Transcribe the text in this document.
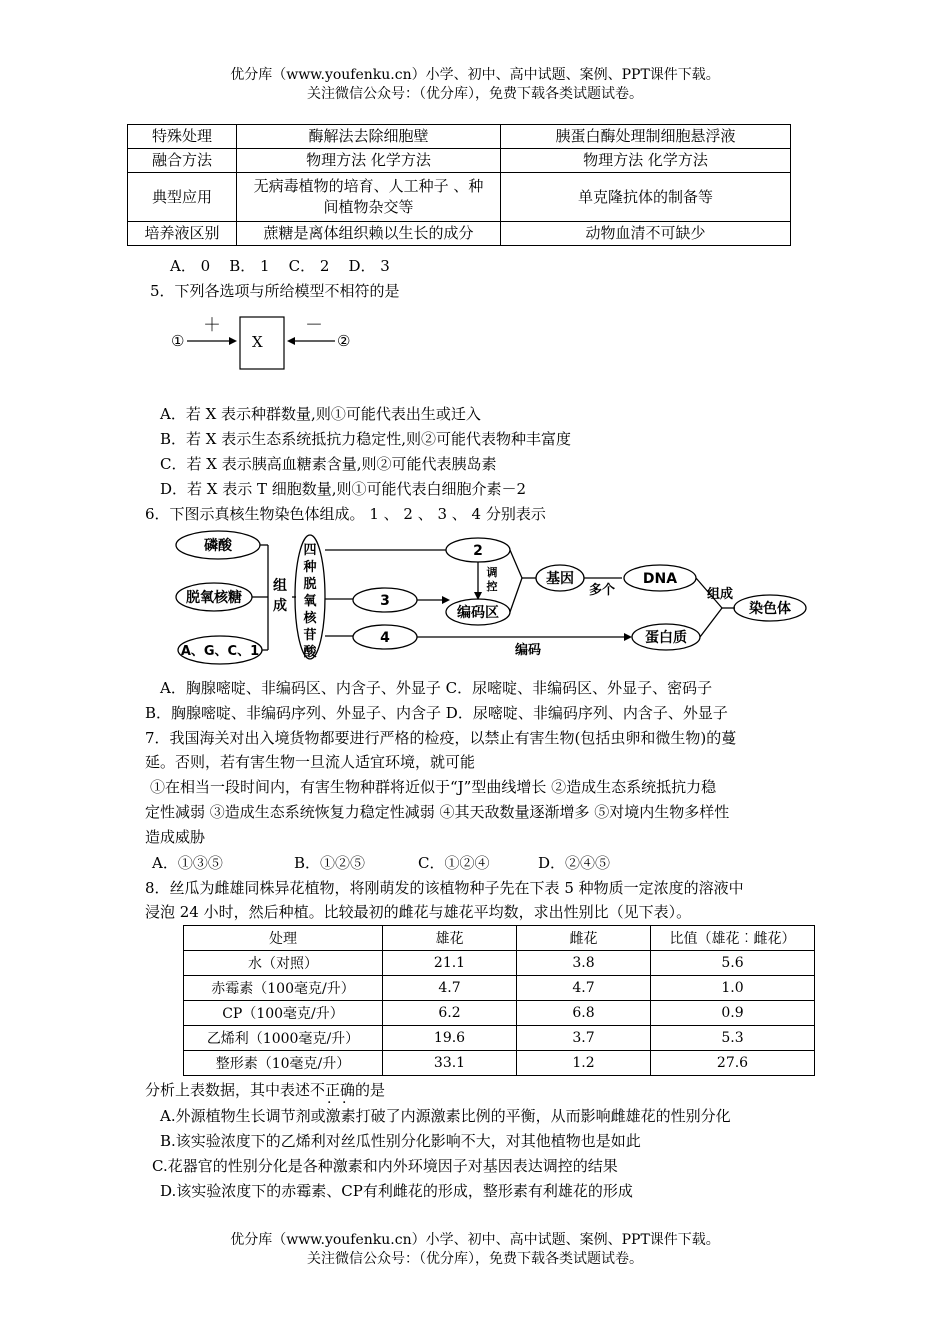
优分库（www.youfenku.cn）小学、初中、高中试题、案例、PPT课件下载。
关注微信公众号：（优分库），免费下载各类试题试卷。
特殊处理	酶解法去除细胞壁	胰蛋白酶处理制细胞悬浮液
融合方法	物理方法 化学方法	物理方法 化学方法
典型应用	无病毒植物的培育、人工种子 、种间植物杂交等	单克隆抗体的制备等
培养液区别	蔗糖是离体组织赖以生长的成分	动物血清不可缺少
A． 0    B． 1    C． 2    D． 3
5．下列各选项与所给模型不相符的是
①
＋
X
－
②
A．若 X 表示种群数量,则①可能代表出生或迁入
B．若 X 表示生态系统抵抗力稳定性,则②可能代表物种丰富度
C．若 X 表示胰高血糖素含量,则②可能代表胰岛素
D．若 X 表示 T 细胞数量,则①可能代表白细胞介素－2
6．下图示真核生物染色体组成。 1 、 2 、 3 、 4 分别表示
磷酸
脱氧核糖
A、G、C、1
组
成
四
种
脱
氧
核
苷
酸
2
3
4
调
控
编码区
基因
多个
DNA
编码
蛋白质
组成
染色体
A．胸腺嘧啶、非编码区、内含子、外显子 C．尿嘧啶、非编码区、外显子、密码子
B．胸腺嘧啶、非编码序列、外显子、内含子 D．尿嘧啶、非编码序列、内含子、外显子
7．我国海关对出入境货物都要进行严格的检疫，以禁止有害生物(包括虫卵和微生物)的蔓
延。否则，若有害生物一旦流人适宜环境，就可能
①在相当一段时间内，有害生物种群将近似于“J”型曲线增长 ②造成生态系统抵抗力稳
定性减弱 ③造成生态系统恢复力稳定性减弱 ④其天敌数量逐渐增多 ⑤对境内生物多样性
造成威胁
A．①③⑤	B．①②⑤	C．①②④	D．②④⑤
8．丝瓜为雌雄同株异花植物，将刚萌发的该植物种子先在下表 5 种物质一定浓度的溶液中
浸泡 24 小时，然后种植。比较最初的雌花与雄花平均数，求出性别比（见下表）。
处理	雄花	雌花	比值（雄花︰雌花）
水（对照）	21.1	3.8	5.6
赤霉素（100毫克/升）	4.7	4.7	1.0
CP（100毫克/升）	6.2	6.8	0.9
乙烯利（1000毫克/升）	19.6	3.7	5.3
整形素（10毫克/升）	33.1	1.2	27.6
分析上表数据，其中表述不正确的是
· ·
A.外源植物生长调节剂或激素打破了内源激素比例的平衡，从而影响雌雄花的性别分化
B.该实验浓度下的乙烯利对丝瓜性别分化影响不大，对其他植物也是如此
C.花器官的性别分化是各种激素和内外环境因子对基因表达调控的结果
D.该实验浓度下的赤霉素、CP有利雌花的形成，整形素有利雄花的形成
优分库（www.youfenku.cn）小学、初中、高中试题、案例、PPT课件下载。
关注微信公众号：（优分库），免费下载各类试题试卷。
